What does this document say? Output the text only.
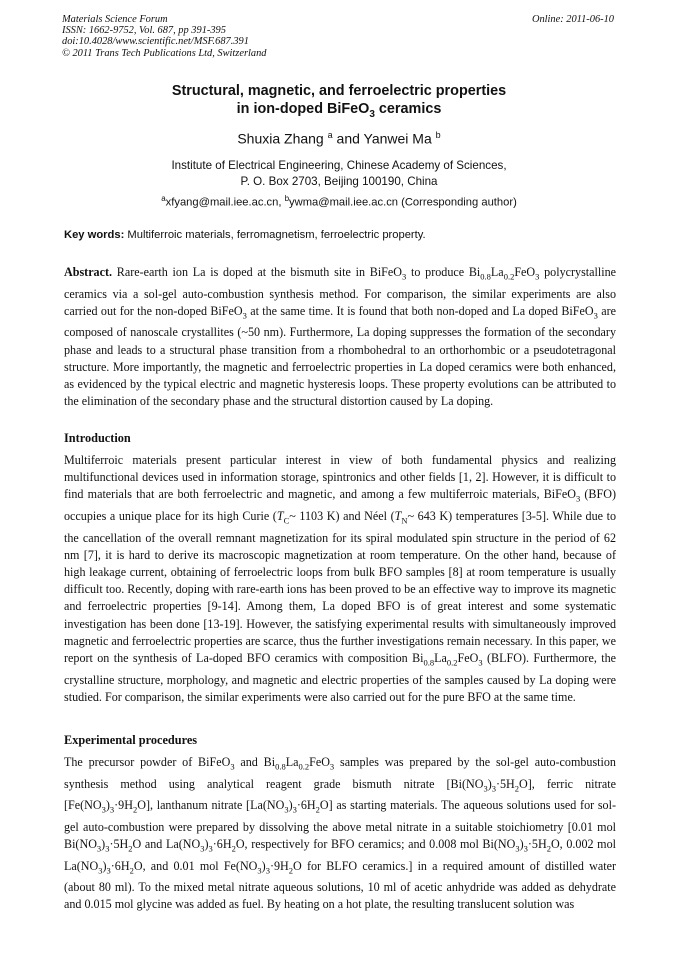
Materials Science Forum
ISSN: 1662-9752, Vol. 687, pp 391-395
doi:10.4028/www.scientific.net/MSF.687.391
© 2011 Trans Tech Publications Ltd, Switzerland
Online: 2011-06-10
Structural, magnetic, and ferroelectric properties
in ion-doped BiFeO$_3$ ceramics
Shuxia Zhang $^a$ and Yanwei Ma $^b$
Institute of Electrical Engineering, Chinese Academy of Sciences,
P. O. Box 2703, Beijing 100190, China
$^a$xfyang@mail.iee.ac.cn, $^b$ywma@mail.iee.ac.cn (Corresponding author)
Key words: Multiferroic materials, ferromagnetism, ferroelectric property.
Abstract. Rare-earth ion La is doped at the bismuth site in BiFeO$_3$ to produce $Bi_{0.8}La_{0.2}FeO_3$ polycrystalline ceramics via a sol-gel auto-combustion synthesis method. For comparison, the similar experiments are also carried out for the non-doped BiFeO$_3$ at the same time. It is found that both non-doped and La doped BiFeO$_3$ are composed of nanoscale crystallites (~50 nm). Furthermore, La doping suppresses the formation of the secondary phase and leads to a structural phase transition from a rhombohedral to an orthorhombic or a pseudotetragonal structure. More importantly, the magnetic and ferroelectric properties in La doped ceramics were both enhanced, as evidenced by the typical electric and magnetic hysteresis loops. These property evolutions can be attributed to the elimination of the secondary phase and the structural distortion caused by La doping.
Introduction
Multiferroic materials present particular interest in view of both fundamental physics and realizing multifunctional devices used in information storage, spintronics and other fields [1, 2]. However, it is difficult to find materials that are both ferroelectric and magnetic, and among a few multiferroic materials, BiFeO$_3$ (BFO) occupies a unique place for its high Curie ($T_C\sim$ 1103 K) and Néel ($T_N\sim$ 643 K) temperatures [3-5]. While due to the cancellation of the overall remnant magnetization for its spiral modulated spin structure in the period of 62 nm [7], it is hard to derive its macroscopic magnetization at room temperature. On the other hand, because of high leakage current, obtaining of ferroelectric loops from bulk BFO samples [8] at room temperature is usually difficult too. Recently, doping with rare-earth ions has been proved to be an effective way to improve its magnetic and ferroelectric properties [9-14]. Among them, La doped BFO is of great interest and some systematic investigation has been done [13-19]. However, the satisfying experimental results with simultaneously improved magnetic and ferroelectric properties are scarce, thus the further investigations remain necessary. In this paper, we report on the synthesis of La-doped BFO ceramics with composition $Bi_{0.8}La_{0.2}FeO_3$ (BLFO). Furthermore, the crystalline structure, morphology, and magnetic and electric properties of the samples caused by La doping were studied. For comparison, the similar experiments were also carried out for the pure BFO at the same time.
Experimental procedures
The precursor powder of BiFeO$_3$ and $Bi_{0.8}La_{0.2}FeO_3$ samples was prepared by the sol-gel auto-combustion synthesis method using analytical reagent grade bismuth nitrate $[Bi(NO_3)_3\cdot 5H_2O]$, ferric nitrate $[Fe(NO_3)_3\cdot 9H_2O]$, lanthanum nitrate $[La(NO_3)_3\cdot 6H_2O]$ as starting materials. The aqueous solutions used for sol-gel auto-combustion were prepared by dissolving the above metal nitrate in a suitable stoichiometry [0.01 mol $Bi(NO_3)_3\cdot 5H_2O$ and $La(NO_3)_3\cdot 6H_2O$, respectively for BFO ceramics; and 0.008 mol $Bi(NO_3)_3\cdot 5H_2O$, 0.002 mol $La(NO_3)_3\cdot 6H_2O$, and 0.01 mol $Fe(NO_3)_3\cdot 9H_2O$ for BLFO ceramics.] in a required amount of distilled water (about 80 ml). To the mixed metal nitrate aqueous solutions, 10 ml of acetic anhydride was added as dehydrate and 0.015 mol glycine was added as fuel. By heating on a hot plate, the resulting translucent solution was
